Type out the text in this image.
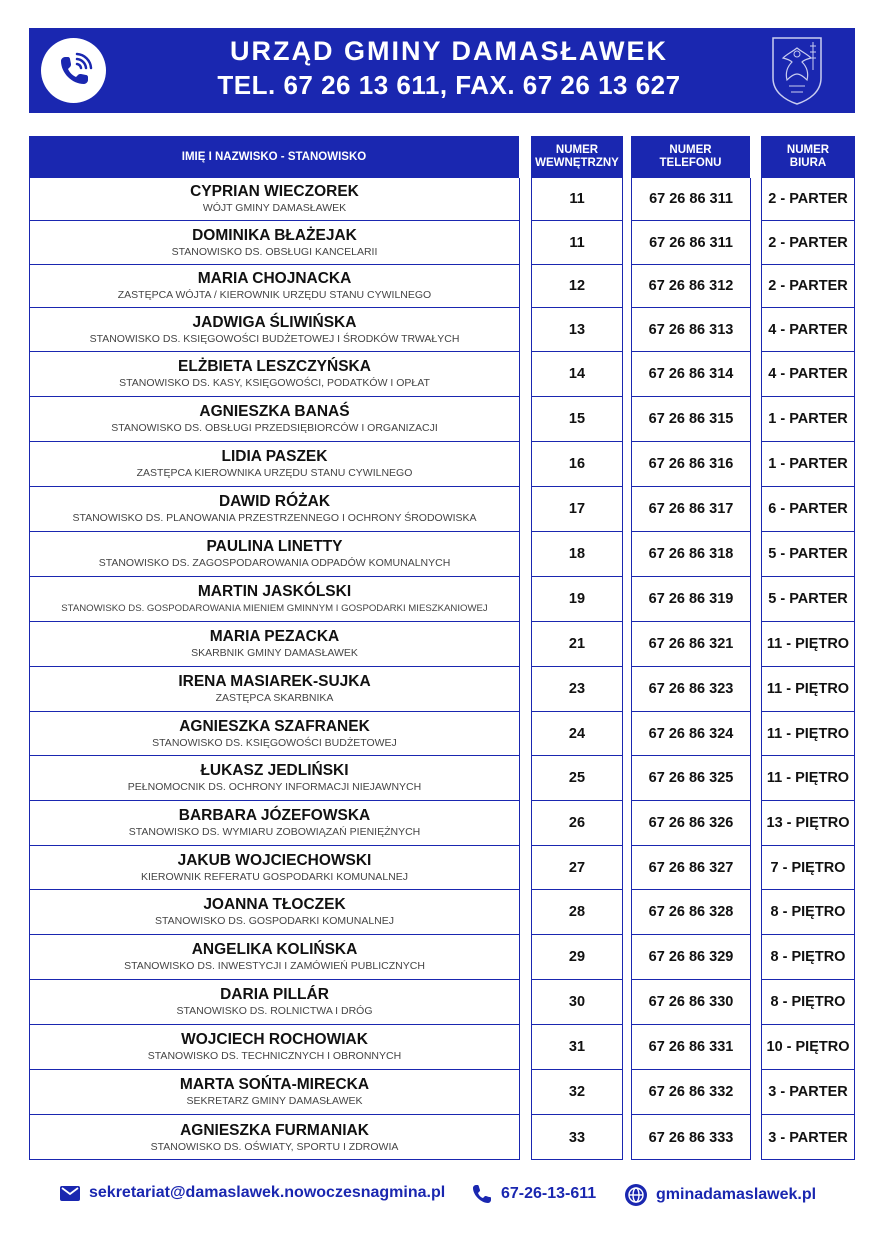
URZĄD GMINY DAMASŁAWEK
TEL. 67 26 13 611, FAX. 67 26 13 627
IMIĘ I NAZWISKO - STANOWISKO
NUMER
WEWNĘTRZNY
NUMER
TELEFONU
NUMER
BIURA
CYPRIAN WIECZOREK
WÓJT GMINY DAMASŁAWEK
DOMINIKA BŁAŻEJAK
STANOWISKO DS. OBSŁUGI KANCELARII
MARIA CHOJNACKA
ZASTĘPCA WÓJTA / KIEROWNIK URZĘDU STANU CYWILNEGO
JADWIGA ŚLIWIŃSKA
STANOWISKO DS. KSIĘGOWOŚCI BUDŻETOWEJ I ŚRODKÓW TRWAŁYCH
ELŻBIETA LESZCZYŃSKA
STANOWISKO DS. KASY, KSIĘGOWOŚCI, PODATKÓW I OPŁAT
AGNIESZKA BANAŚ
STANOWISKO DS. OBSŁUGI PRZEDSIĘBIORCÓW I ORGANIZACJI
LIDIA PASZEK
ZASTĘPCA KIEROWNIKA URZĘDU STANU CYWILNEGO
DAWID RÓŻAK
STANOWISKO DS. PLANOWANIA PRZESTRZENNEGO I OCHRONY ŚRODOWISKA
PAULINA LINETTY
STANOWISKO DS. ZAGOSPODAROWANIA ODPADÓW KOMUNALNYCH
MARTIN JASKÓLSKI
STANOWISKO DS. GOSPODAROWANIA MIENIEM GMINNYM I GOSPODARKI MIESZKANIOWEJ
MARIA PEZACKA
SKARBNIK GMINY DAMASŁAWEK
IRENA MASIAREK-SUJKA
ZASTĘPCA SKARBNIKA
AGNIESZKA SZAFRANEK
STANOWISKO DS. KSIĘGOWOŚCI BUDŻETOWEJ
ŁUKASZ JEDLIŃSKI
PEŁNOMOCNIK DS. OCHRONY INFORMACJI NIEJAWNYCH
BARBARA JÓZEFOWSKA
STANOWISKO DS. WYMIARU ZOBOWIĄZAŃ PIENIĘŻNYCH
JAKUB WOJCIECHOWSKI
KIEROWNIK REFERATU GOSPODARKI KOMUNALNEJ
JOANNA TŁOCZEK
STANOWISKO DS. GOSPODARKI KOMUNALNEJ
ANGELIKA KOLIŃSKA
STANOWISKO DS. INWESTYCJI I ZAMÓWIEŃ PUBLICZNYCH
DARIA PILLÁR
STANOWISKO DS. ROLNICTWA I DRÓG
WOJCIECH ROCHOWIAK
STANOWISKO DS. TECHNICZNYCH I OBRONNYCH
MARTA SOŃTA-MIRECKA
SEKRETARZ GMINY DAMASŁAWEK
AGNIESZKA FURMANIAK
STANOWISKO DS. OŚWIATY, SPORTU I ZDROWIA
11
11
12
13
14
15
16
17
18
19
21
23
24
25
26
27
28
29
30
31
32
33
67 26 86 311
67 26 86 311
67 26 86 312
67 26 86 313
67 26 86 314
67 26 86 315
67 26 86 316
67 26 86 317
67 26 86 318
67 26 86 319
67 26 86 321
67 26 86 323
67 26 86 324
67 26 86 325
67 26 86 326
67 26 86 327
67 26 86 328
67 26 86 329
67 26 86 330
67 26 86 331
67 26 86 332
67 26 86 333
2 - PARTER
2 - PARTER
2 - PARTER
4 - PARTER
4 - PARTER
1 - PARTER
1 - PARTER
6 - PARTER
5 - PARTER
5 - PARTER
11 - PIĘTRO
11 - PIĘTRO
11 - PIĘTRO
11 - PIĘTRO
13 - PIĘTRO
7 - PIĘTRO
8 - PIĘTRO
8 - PIĘTRO
8 - PIĘTRO
10 - PIĘTRO
3 - PARTER
3 - PARTER
sekretariat@damaslawek.nowoczesnagmina.pl	67-26-13-611	gminadamaslawek.pl
